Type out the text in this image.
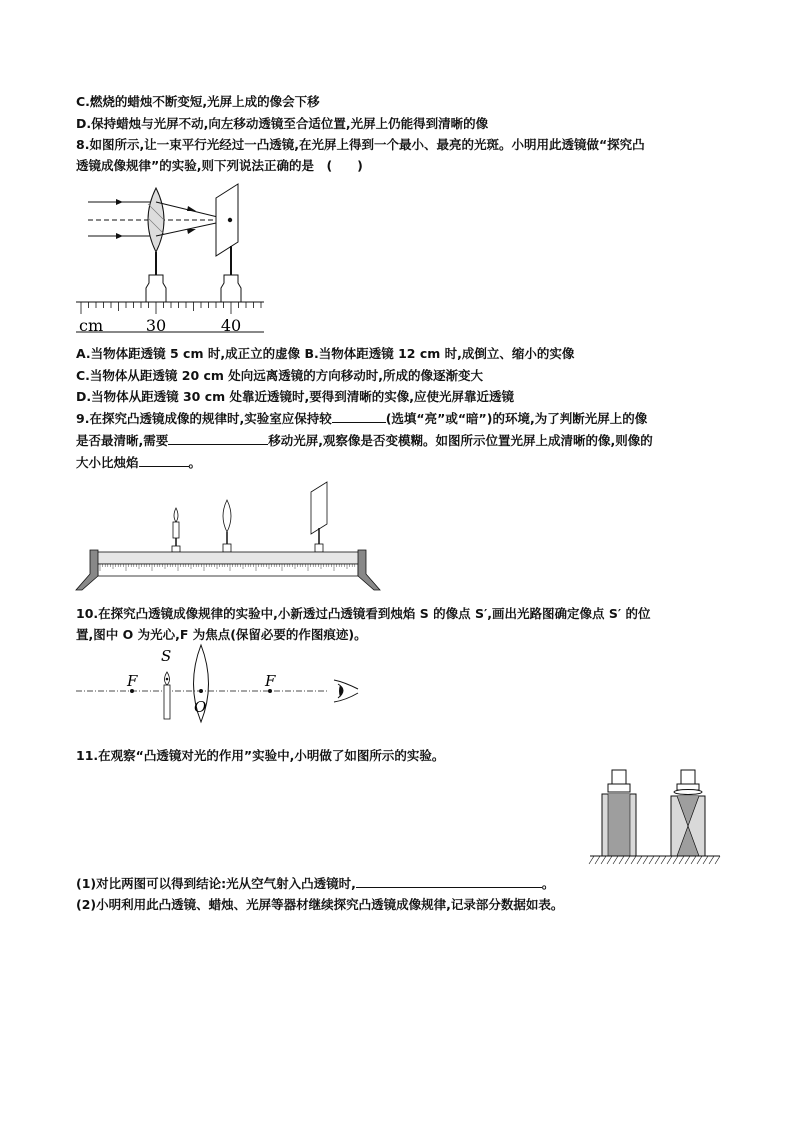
C.燃烧的蜡烛不断变短,光屏上成的像会下移
D.保持蜡烛与光屏不动,向左移动透镜至合适位置,光屏上仍能得到清晰的像
8.如图所示,让一束平行光经过一凸透镜,在光屏上得到一个最小、最亮的光斑。小明用此透镜做“探究凸
透镜成像规律”的实验,则下列说法正确的是　(　　)
cm	30	40
A.当物体距透镜 5 cm 时,成正立的虚像 B.当物体距透镜 12 cm 时,成倒立、缩小的实像
C.当物体从距透镜 20 cm 处向远离透镜的方向移动时,所成的像逐渐变大
D.当物体从距透镜 30 cm 处靠近透镜时,要得到清晰的实像,应使光屏靠近透镜
9.在探究凸透镜成像的规律时,实验室应保持较	(选填“亮”或“暗”)的环境,为了判断光屏上的像
是否最清晰,需要	移动光屏,观察像是否变模糊。如图所示位置光屏上成清晰的像,则像的
大小比烛焰	。
10.在探究凸透镜成像规律的实验中,小新透过凸透镜看到烛焰 S 的像点 S′,画出光路图确定像点 S′ 的位
置,图中 O 为光心,F 为焦点(保留必要的作图痕迹)。
S
F
O
F
11.在观察“凸透镜对光的作用”实验中,小明做了如图所示的实验。
(1)对比两图可以得到结论:光从空气射入凸透镜时,	。
(2)小明利用此凸透镜、蜡烛、光屏等器材继续探究凸透镜成像规律,记录部分数据如表。
